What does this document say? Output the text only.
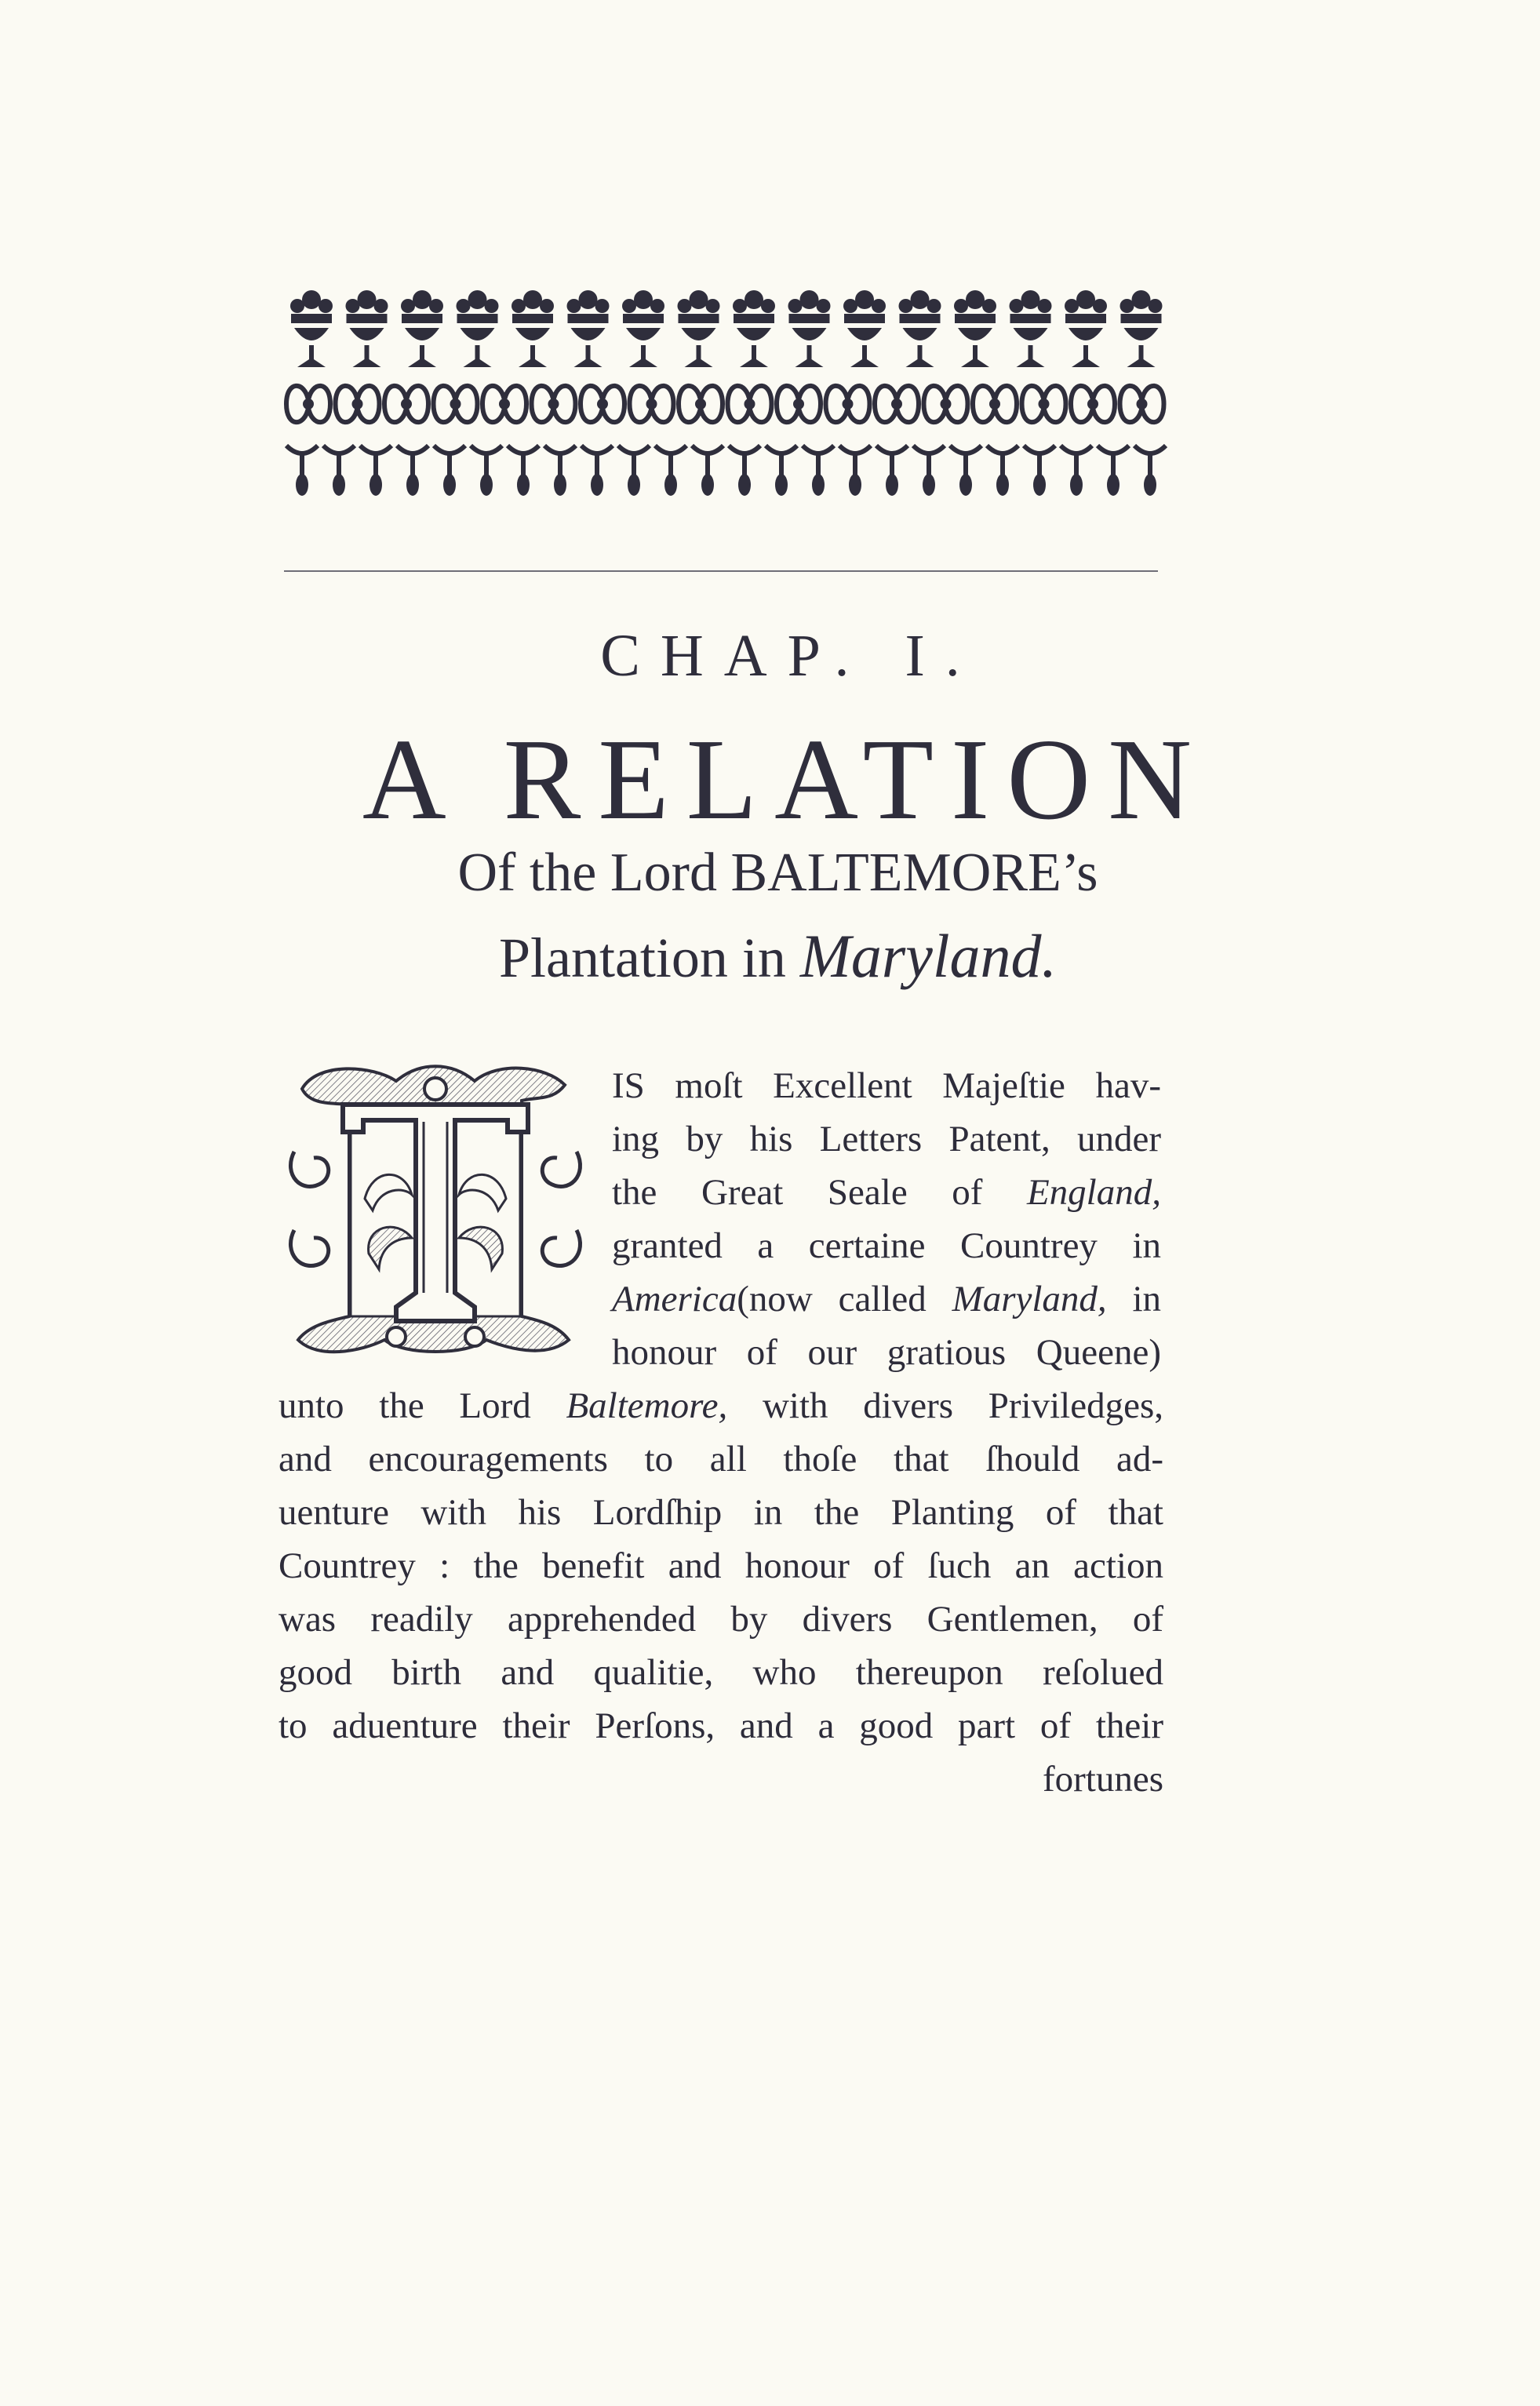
CHAP. I.
A RELATION
Of the Lord BALTEMORE’s
Plantation in Maryland.
IS moſt Excellent Majeſtie hav-
ing by his Letters Patent, under
the Great Seale of England,
granted a certaine Countrey in
America(now called Maryland, in
honour of our gratious Queene)
unto the Lord Baltemore, with divers Priviledges,
and encouragements to all thoſe that ſhould ad-
uenture with his Lordſhip in the Planting of that
Countrey : the benefit and honour of ſuch an action
was readily apprehended by divers Gentlemen, of
good birth and qualitie, who thereupon reſolued
to aduenture their Perſons, and a good part of their
fortunes
